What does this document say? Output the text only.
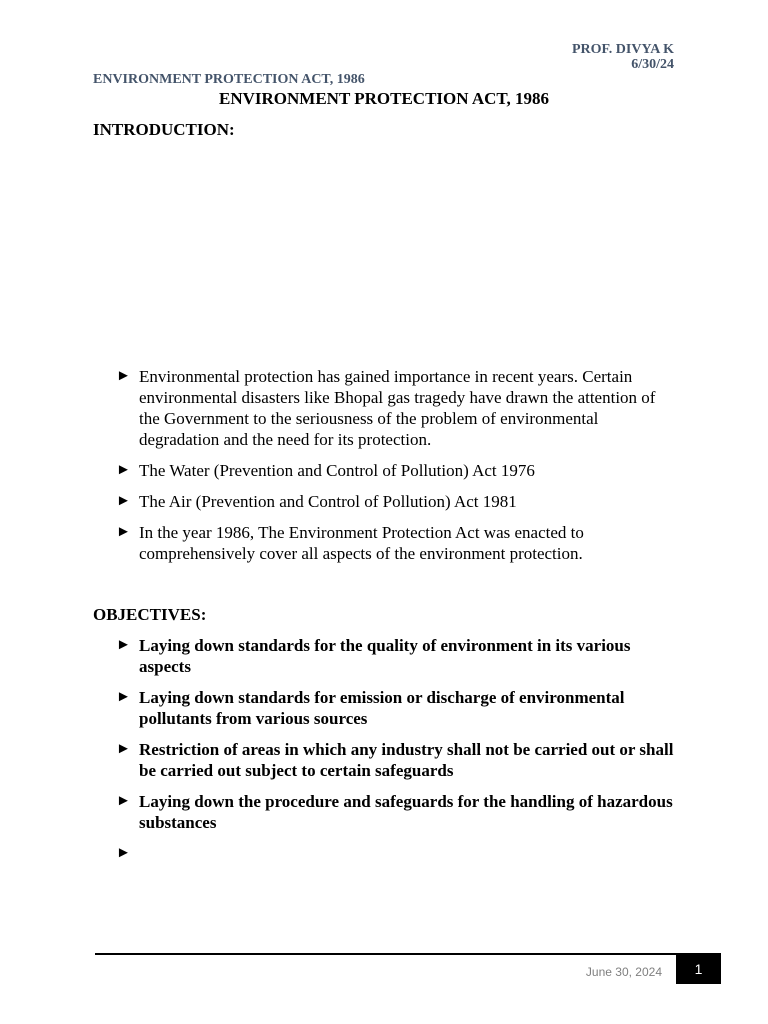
PROF. DIVYA K
6/30/24
ENVIRONMENT PROTECTION ACT, 1986
ENVIRONMENT PROTECTION ACT, 1986
INTRODUCTION:
► Environmental protection has gained importance in recent years. Certain environmental disasters like Bhopal gas tragedy have drawn the attention of the Government to the seriousness of the problem of environmental degradation and the need for its protection.
► The Water (Prevention and Control of Pollution) Act 1976
► The Air (Prevention and Control of Pollution) Act 1981
► In the year 1986, The Environment Protection Act was enacted to comprehensively cover all aspects of the environment protection.
OBJECTIVES:
► Laying down standards for the quality of environment in its various aspects
► Laying down standards for emission or discharge of environmental pollutants from various sources
► Restriction of areas in which any industry shall not be carried out or shall be carried out subject to certain safeguards
► Laying down the procedure and safeguards for the handling of hazardous substances
►
June 30, 2024	1
